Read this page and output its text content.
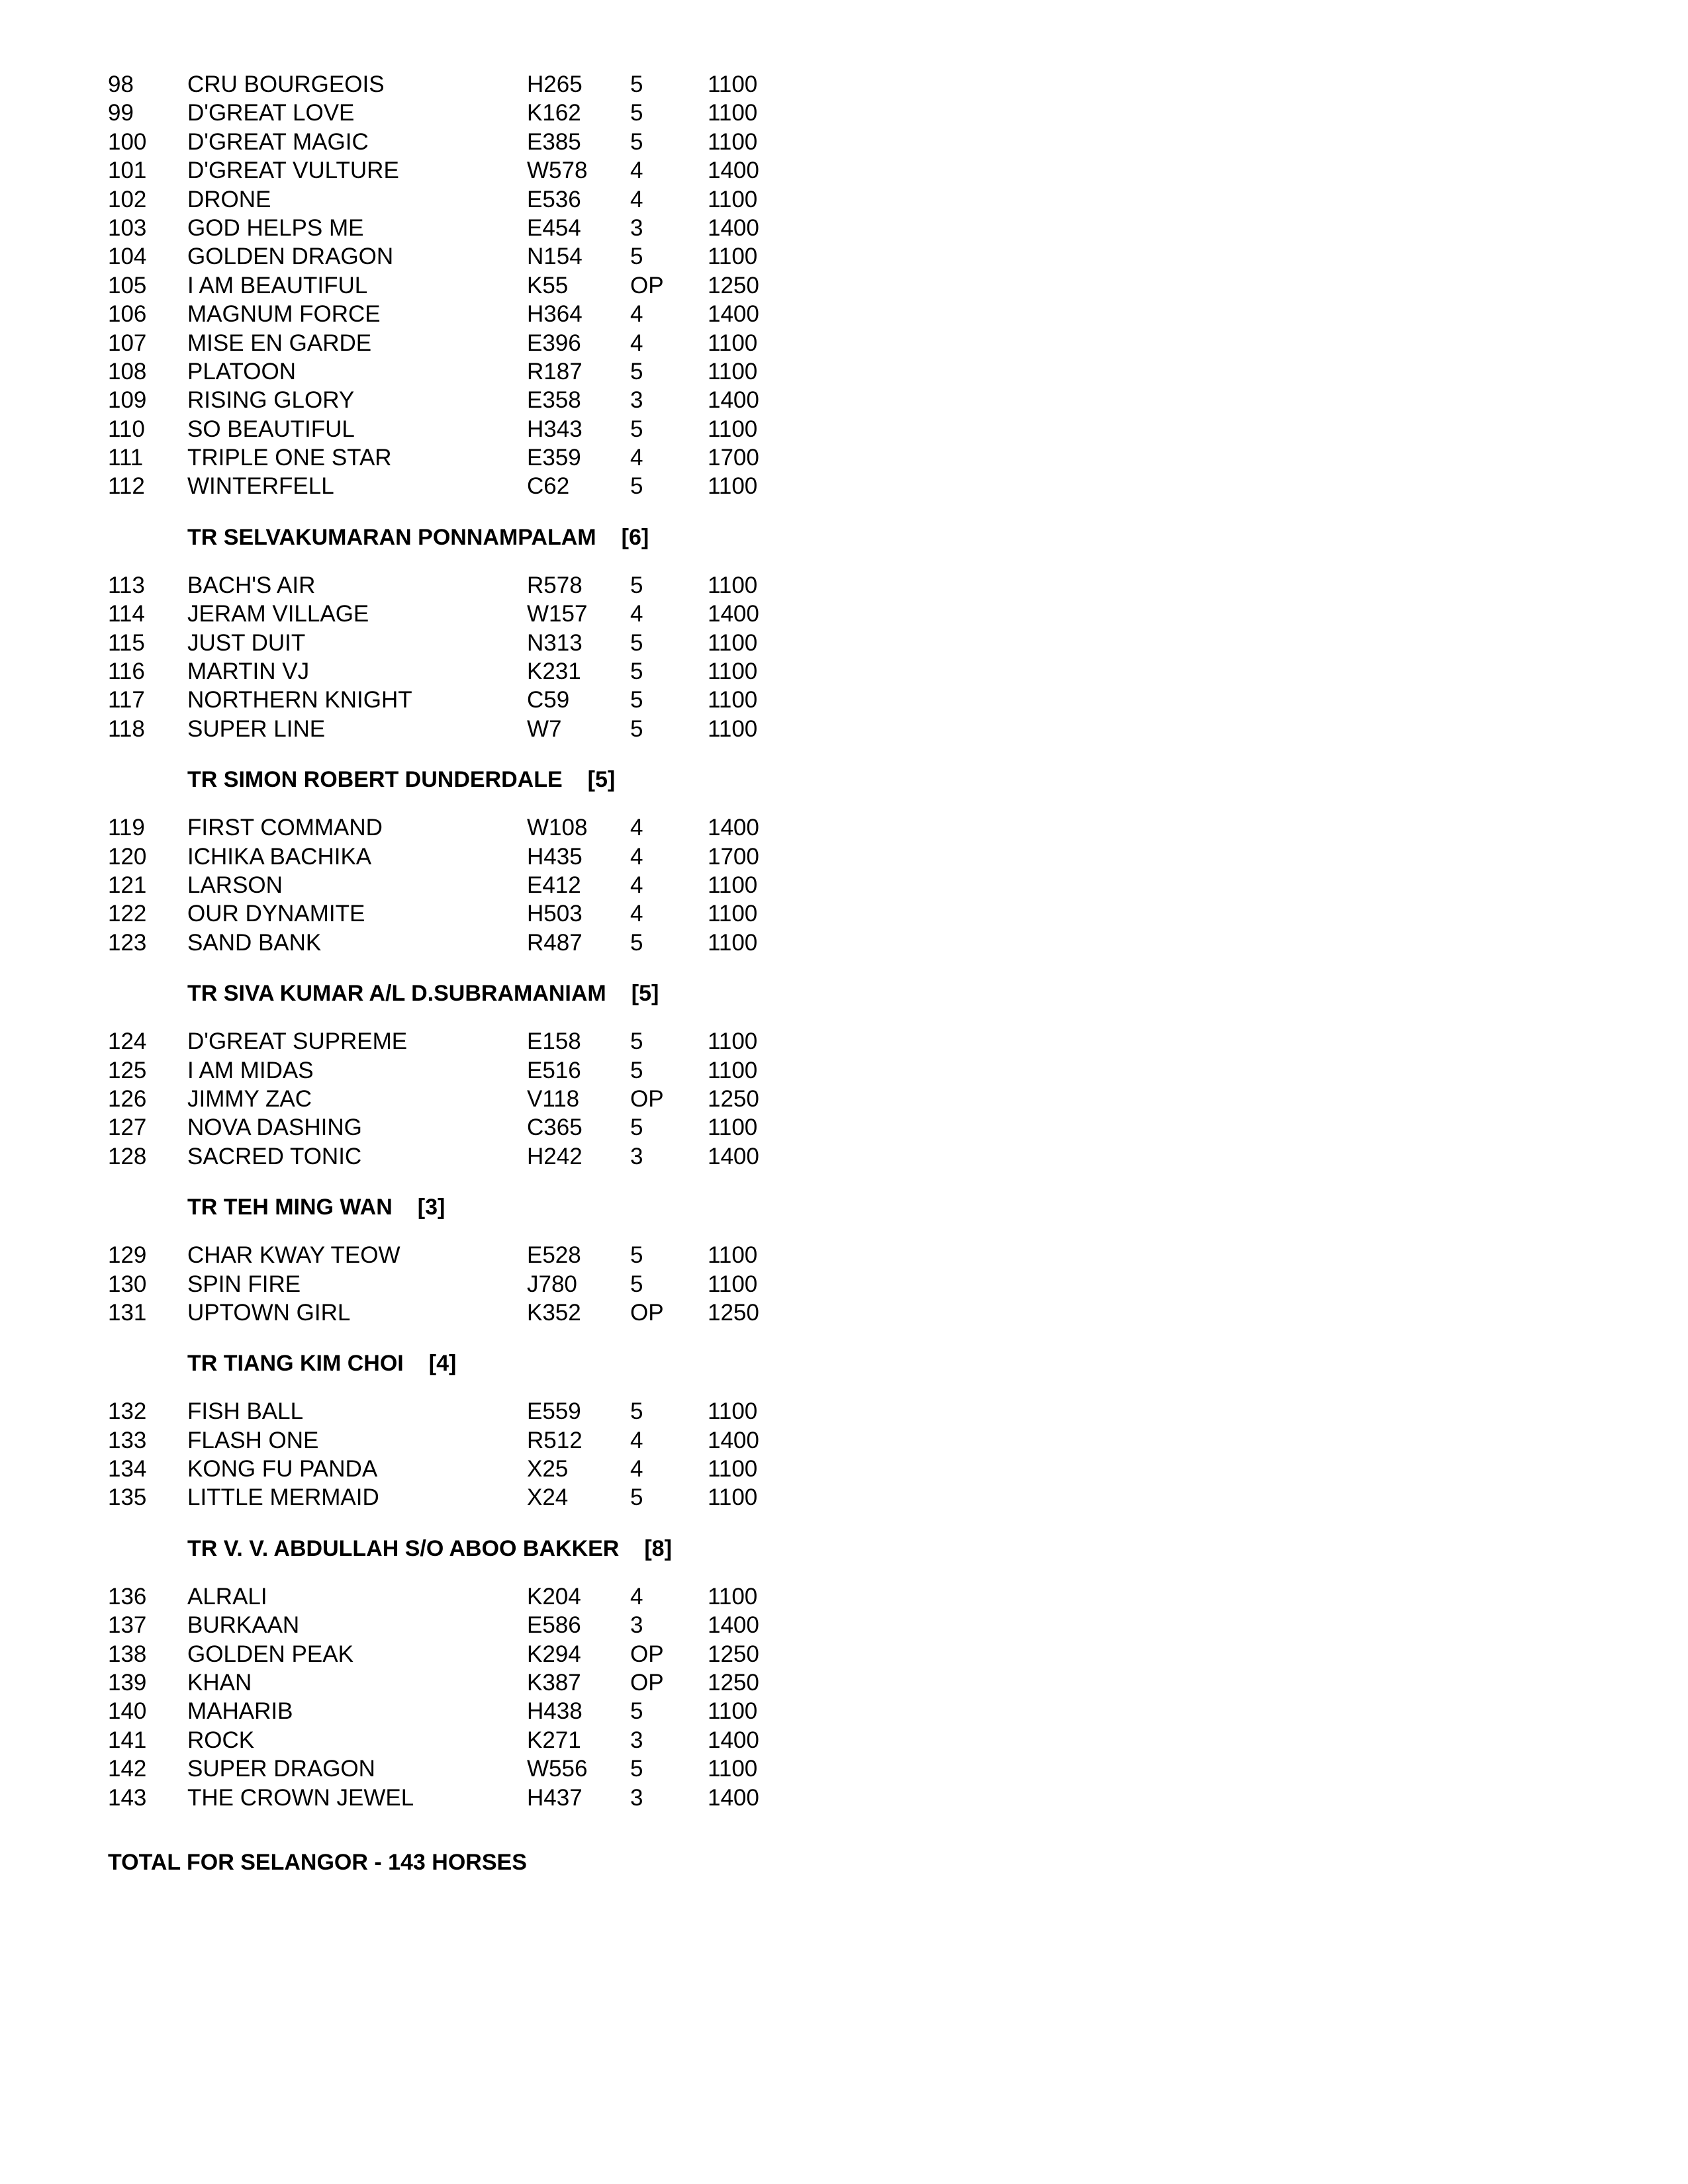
98 CRU BOURGEOIS	H265 5	1100
99 D'GREAT LOVE	K162 5	1100
100 D'GREAT MAGIC	E385 5	1100
101 D'GREAT VULTURE	W578 4	1400
102 DRONE	E536 4	1100
103 GOD HELPS ME	E454 3	1400
104 GOLDEN DRAGON	N154 5	1100
105 I AM BEAUTIFUL	K55	OP 1250
106 MAGNUM FORCE	H364 4	1400
107 MISE EN GARDE	E396 4	1100
108 PLATOON	R187 5	1100
109 RISING GLORY	E358 3	1400
110 SO BEAUTIFUL	H343 5	1100
111 TRIPLE ONE STAR	E359 4	1700
112 WINTERFELL	C62	5	1100
TR SELVAKUMARAN PONNAMPALAM [6]
113 BACH'S AIR	R578 5	1100
114 JERAM VILLAGE	W157 4	1400
115 JUST DUIT	N313 5	1100
116 MARTIN VJ	K231 5	1100
117 NORTHERN KNIGHT	C59	5	1100
118 SUPER LINE	W7	5	1100
TR SIMON ROBERT DUNDERDALE [5]
119 FIRST COMMAND	W108 4	1400
120 ICHIKA BACHIKA	H435 4	1700
121 LARSON	E412 4	1100
122 OUR DYNAMITE	H503 4	1100
123 SAND BANK	R487 5	1100
TR SIVA KUMAR A/L D.SUBRAMANIAM [5]
124 D'GREAT SUPREME	E158 5	1100
125 I AM MIDAS	E516 5	1100
126 JIMMY ZAC	V118 OP 1250
127 NOVA DASHING	C365 5	1100
128 SACRED TONIC	H242 3	1400
TR TEH MING WAN [3]
129 CHAR KWAY TEOW	E528 5	1100
130 SPIN FIRE	J780 5	1100
131 UPTOWN GIRL	K352 OP 1250
TR TIANG KIM CHOI [4]
132 FISH BALL	E559 5	1100
133 FLASH ONE	R512 4	1400
134 KONG FU PANDA	X25	4	1100
135 LITTLE MERMAID	X24	5	1100
TR V. V. ABDULLAH S/O ABOO BAKKER [8]
136 ALRALI	K204 4	1100
137 BURKAAN	E586 3	1400
138 GOLDEN PEAK	K294 OP 1250
139 KHAN	K387 OP 1250
140 MAHARIB	H438 5	1100
141 ROCK	K271 3	1400
142 SUPER DRAGON	W556 5	1100
143 THE CROWN JEWEL	H437 3	1400
TOTAL FOR SELANGOR - 143 HORSES
